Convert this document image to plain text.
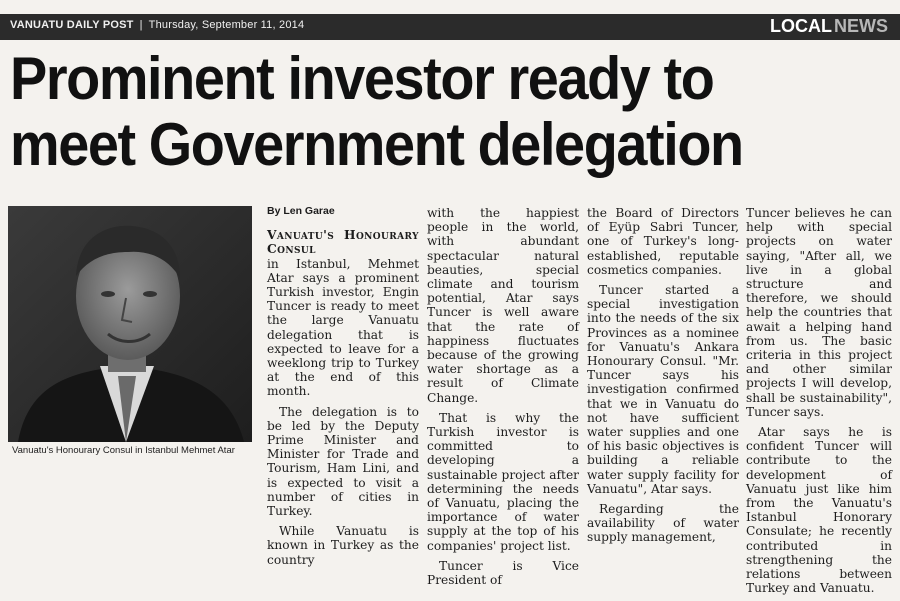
VANUATU DAILY POST | Thursday, September 11, 2014	LOCAL NEWS
Prominent investor ready to
meet Government delegation
Vanuatu's Honourary Consul in Istanbul Mehmet Atar
By Len Garae

Vanuatu's Honourary Consul
in Istanbul, Mehmet Atar says a prominent Turkish investor, Engin Tuncer is ready to meet the large Vanuatu delegation that is expected to leave for a weeklong trip to Turkey at the end of this month.

The delegation is to be led by the Deputy Prime Minister and Minister for Trade and Tourism, Ham Lini, and is expected to visit a number of cities in Turkey.

While Vanuatu is known in Turkey as the country

with the happiest people in the world, with abundant spectacular natural beauties, special climate and tourism potential, Atar says Tuncer is well aware that the rate of happiness fluctuates because of the growing water shortage as a result of Climate Change.

That is why the Turkish investor is committed to developing a sustainable project after determining the needs of Vanuatu, placing the importance of water supply at the top of his companies' project list.

Tuncer is Vice President of

the Board of Directors of Eyüp Sabri Tuncer, one of Turkey's long-established, reputable cosmetics companies.

Tuncer started a special investigation into the needs of the six Provinces as a nominee for Vanuatu's Ankara Honourary Consul. "Mr. Tuncer says his investigation confirmed that we in Vanuatu do not have sufficient water supplies and one of his basic objectives is building a reliable water supply facility for Vanuatu", Atar says.

Regarding the availability of water supply management,

Tuncer believes he can help with special projects on water saying, "After all, we live in a global structure and therefore, we should help the countries that await a helping hand from us. The basic criteria in this project and other similar projects I will develop, shall be sustainability", Tuncer says.

Atar says he is confident Tuncer will contribute to the development of Vanuatu just like him from the Vanuatu's Istanbul Honorary Consulate; he recently contributed in strengthening the relations between Turkey and Vanuatu.
